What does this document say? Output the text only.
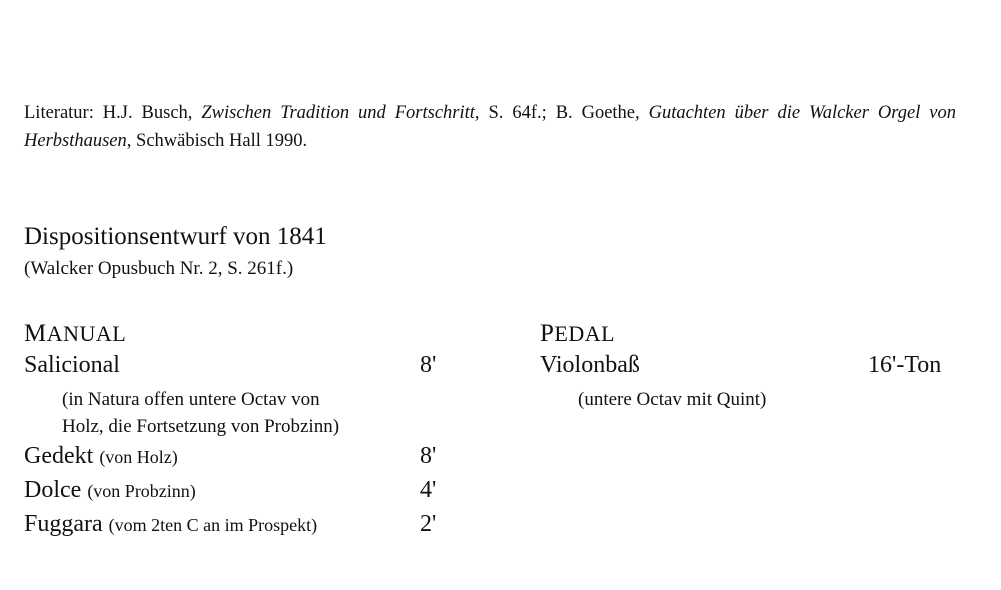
Literatur: H.J. Busch, Zwischen Tradition und Fortschritt, S. 64f.; B. Goethe, Gutachten über die Walcker Orgel von Herbsthausen, Schwäbisch Hall 1990.
Dispositionsentwurf von 1841
(Walcker Opusbuch Nr. 2, S. 261f.)
MANUAL
Salicional	8'
(in Natura offen untere Octav von
Holz, die Fortsetzung von Probzinn)
Gedekt (von Holz)	8'
Dolce (von Probzinn)	4'
Fuggara (vom 2ten C an im Prospekt)	2'
PEDAL
Violonbaß	16'-Ton
(untere Octav mit Quint)
